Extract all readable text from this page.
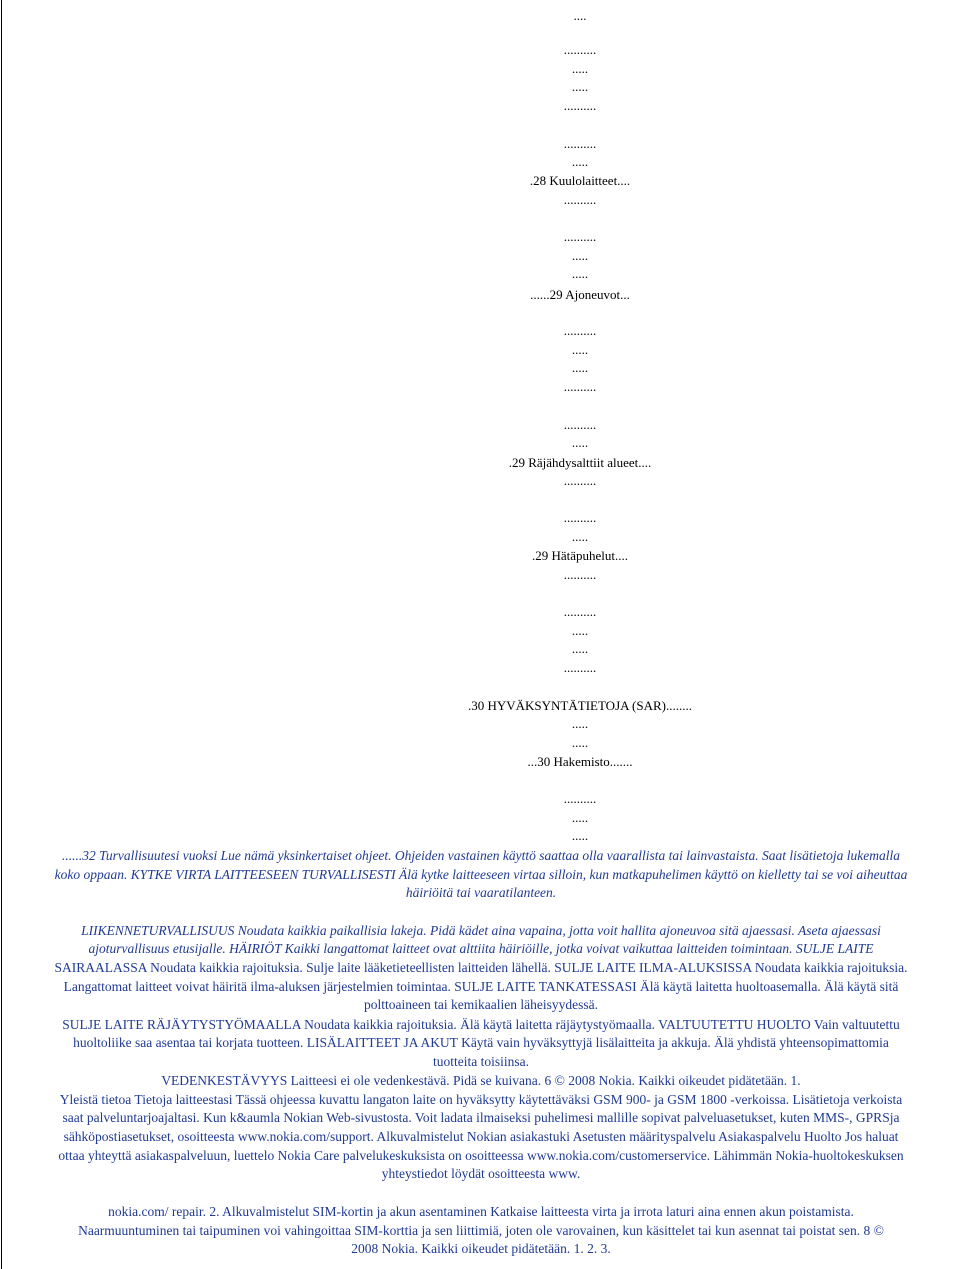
....
..........
.....
.....
..........
..........
.....
.28 Kuulolaitteet....
..........
..........
.....
.....
......29 Ajoneuvot...
..........
.....
.....
..........
..........
.....
.29 Räjähdysalttiit alueet....
..........
..........
.....
.29 Hätäpuhelut....
..........
..........
.....
.....
..........
.30 HYVÄKSYNTÄTIETOJA (SAR)........
.....
.....
...30 Hakemisto.......
..........
.....
.....
......32 Turvallisuutesi vuoksi Lue nämä yksinkertaiset ohjeet. Ohjeiden vastainen käyttö saattaa olla vaarallista tai lainvastaista. Saat lisätietoja lukemalla
koko oppaan. KYTKE VIRTA LAITTEESEEN TURVALLISESTI Älä kytke laitteeseen virtaa silloin, kun matkapuhelimen käyttö on kielletty tai se voi aiheuttaa
häiriöitä tai vaaratilanteen.
LIIKENNETURVALLISUUS Noudata kaikkia paikallisia lakeja. Pidä kädet aina vapaina, jotta voit hallita ajoneuvoa sitä ajaessasi. Aseta ajaessasi
ajoturvallisuus etusijalle. HÄIRIÖT Kaikki langattomat laitteet ovat alttiita häiriöille, jotka voivat vaikuttaa laitteiden toimintaan. SULJE LAITE
SAIRAALASSA Noudata kaikkia rajoituksia. Sulje laite lääketieteellisten laitteiden lähellä. SULJE LAITE ILMA-ALUKSISSA Noudata kaikkia rajoituksia.
Langattomat laitteet voivat häiritä ilma-aluksen järjestelmien toimintaa. SULJE LAITE TANKATESSASI Älä käytä laitetta huoltoasemalla. Älä käytä sitä
polttoaineen tai kemikaalien läheisyydessä.
SULJE LAITE RÄJÄYTYSTYÖMAALLA Noudata kaikkia rajoituksia. Älä käytä laitetta räjäytystyömaalla. VALTUUTETTU HUOLTO Vain valtuutettu
huoltoliike saa asentaa tai korjata tuotteen. LISÄLAITTEET JA AKUT Käytä vain hyväksyttyjä lisälaitteita ja akkuja. Älä yhdistä yhteensopimattomia
tuotteita toisiinsa.
VEDENKESTÄVYYS Laitteesi ei ole vedenkestävä. Pidä se kuivana. 6 © 2008 Nokia. Kaikki oikeudet pidätetään. 1.
Yleistä tietoa Tietoja laitteestasi Tässä ohjeessa kuvattu langaton laite on hyväksytty käytettäväksi GSM 900- ja GSM 1800 -verkoissa. Lisätietoja verkoista
saat palveluntarjoajaltasi. Kun k&aumla Nokian Web-sivustosta. Voit ladata ilmaiseksi puhelimesi mallille sopivat palveluasetukset, kuten MMS-, GPRSja
sähköpostiasetukset, osoitteesta www.nokia.com/support. Alkuvalmistelut Nokian asiakastuki Asetusten määrityspalvelu Asiakaspalvelu Huolto Jos haluat
ottaa yhteyttä asiakaspalveluun, luettelo Nokia Care palvelukeskuksista on osoitteessa www.nokia.com/customerservice. Lähimmän Nokia-huoltokeskuksen
yhteystiedot löydät osoitteesta www.
nokia.com/ repair. 2. Alkuvalmistelut SIM-kortin ja akun asentaminen Katkaise laitteesta virta ja irrota laturi aina ennen akun poistamista.
Naarmuuntuminen tai taipuminen voi vahingoittaa SIM-korttia ja sen liittimiä, joten ole varovainen, kun käsittelet tai kun asennat tai poistat sen. 8 ©
2008 Nokia. Kaikki oikeudet pidätetään. 1. 2. 3.
